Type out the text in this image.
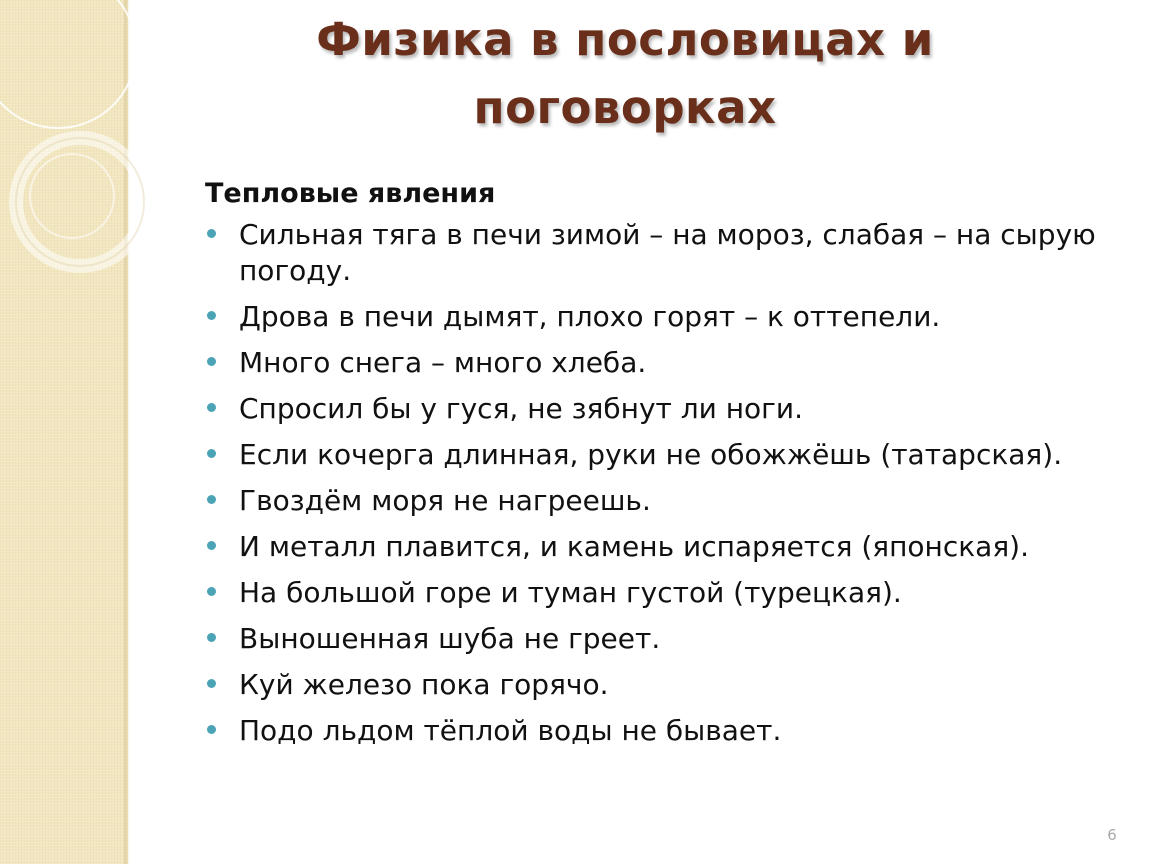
Физика в пословицах и поговорках
Тепловые явления
Сильная тяга в печи зимой – на мороз, слабая – на сырую погоду.
Дрова в печи дымят, плохо горят – к оттепели.
Много снега – много хлеба.
Спросил бы у гуся, не зябнут ли ноги.
Если кочерга длинная, руки не обожжёшь (татарская).
Гвоздём моря не нагреешь.
И металл плавится, и камень испаряется (японская).
На большой горе и туман густой (турецкая).
Выношенная шуба не греет.
Куй железо пока горячо.
Подо льдом тёплой воды не бывает.
6
